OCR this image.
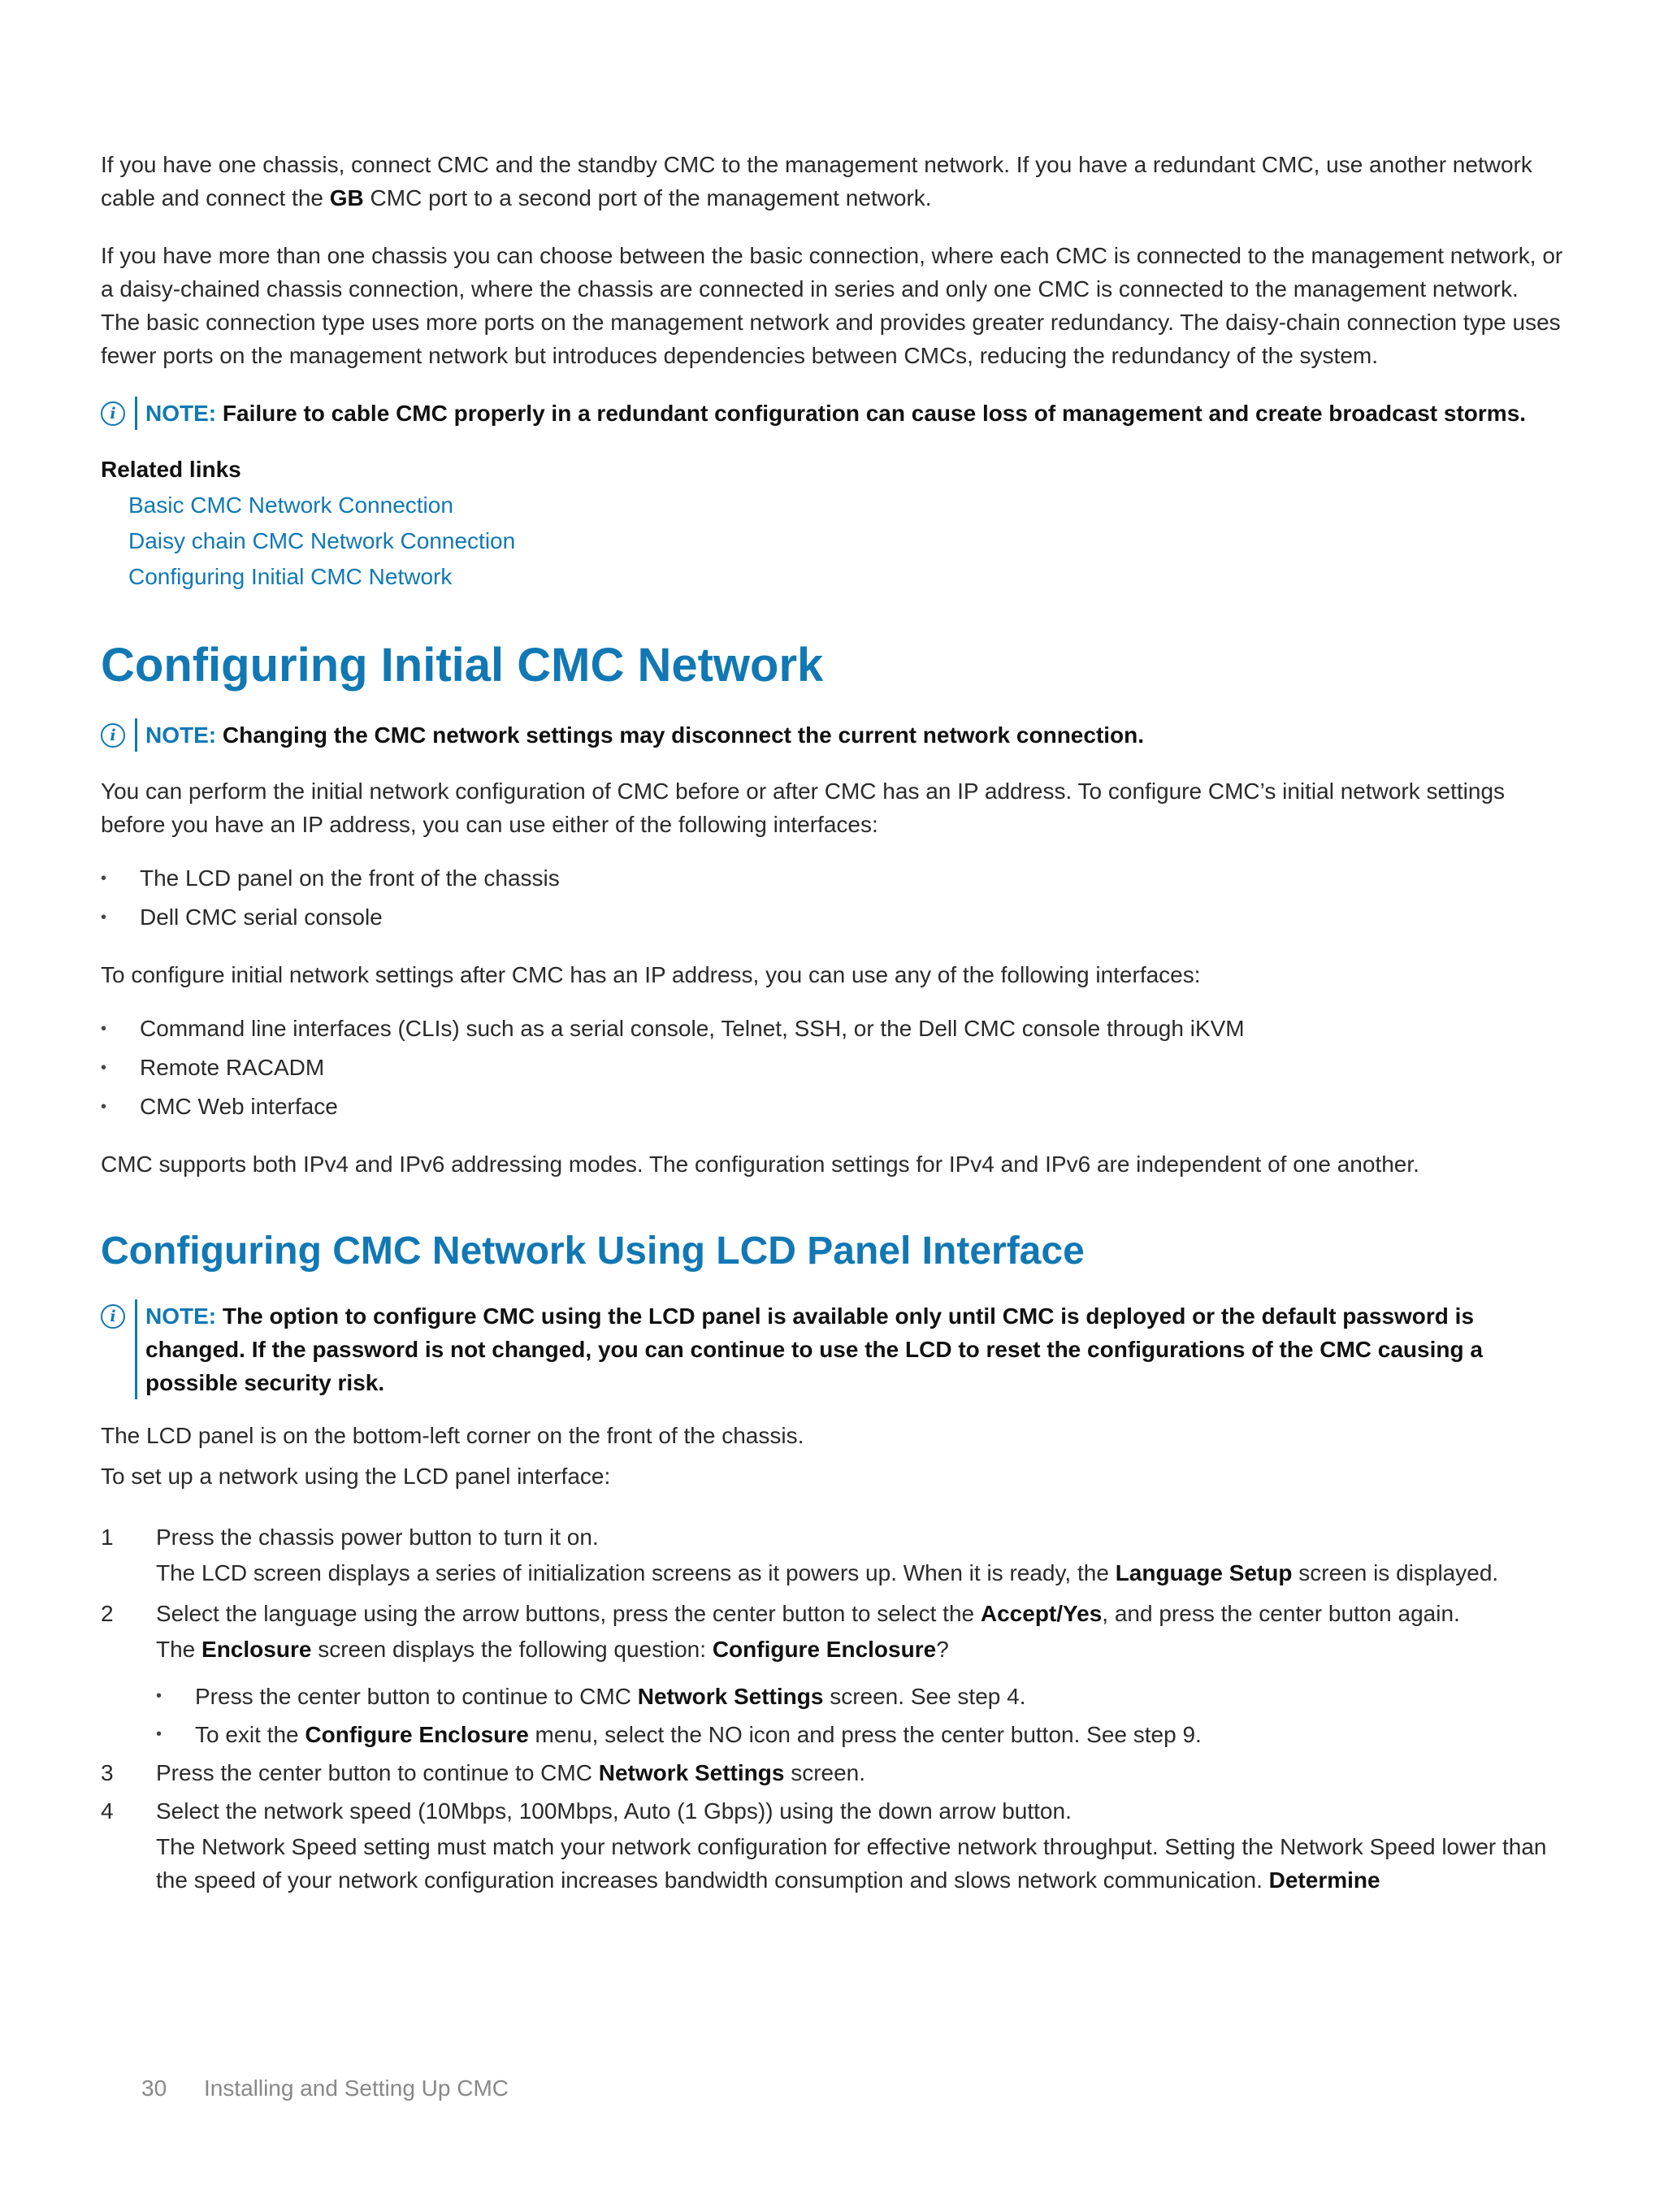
If you have one chassis, connect CMC and the standby CMC to the management network. If you have a redundant CMC, use another network cable and connect the GB CMC port to a second port of the management network.

If you have more than one chassis you can choose between the basic connection, where each CMC is connected to the management network, or a daisy-chained chassis connection, where the chassis are connected in series and only one CMC is connected to the management network. The basic connection type uses more ports on the management network and provides greater redundancy. The daisy-chain connection type uses fewer ports on the management network but introduces dependencies between CMCs, reducing the redundancy of the system.

i	NOTE: Failure to cable CMC properly in a redundant configuration can cause loss of management and create broadcast storms.
Related links
Basic CMC Network Connection
Daisy chain CMC Network Connection
Configuring Initial CMC Network
Configuring Initial CMC Network
i	NOTE: Changing the CMC network settings may disconnect the current network connection.

You can perform the initial network configuration of CMC before or after CMC has an IP address. To configure CMC’s initial network settings before you have an IP address, you can use either of the following interfaces:

• The LCD panel on the front of the chassis
• Dell CMC serial console

To configure initial network settings after CMC has an IP address, you can use any of the following interfaces:

• Command line interfaces (CLIs) such as a serial console, Telnet, SSH, or the Dell CMC console through iKVM
• Remote RACADM
• CMC Web interface

CMC supports both IPv4 and IPv6 addressing modes. The configuration settings for IPv4 and IPv6 are independent of one another.

Configuring CMC Network Using LCD Panel Interface
i	NOTE: The option to configure CMC using the LCD panel is available only until CMC is deployed or the default password is changed. If the password is not changed, you can continue to use the LCD to reset the configurations of the CMC causing a possible security risk.

The LCD panel is on the bottom-left corner on the front of the chassis.

To set up a network using the LCD panel interface:

1 Press the chassis power button to turn it on.
The LCD screen displays a series of initialization screens as it powers up. When it is ready, the Language Setup screen is displayed.
2 Select the language using the arrow buttons, press the center button to select the Accept/Yes, and press the center button again.
The Enclosure screen displays the following question: Configure Enclosure?
• Press the center button to continue to CMC Network Settings screen. See step 4.
• To exit the Configure Enclosure menu, select the NO icon and press the center button. See step 9.
3 Press the center button to continue to CMC Network Settings screen.
4 Select the network speed (10Mbps, 100Mbps, Auto (1 Gbps)) using the down arrow button.
The Network Speed setting must match your network configuration for effective network throughput. Setting the Network Speed lower than the speed of your network configuration increases bandwidth consumption and slows network communication. Determine
30 Installing and Setting Up CMC
